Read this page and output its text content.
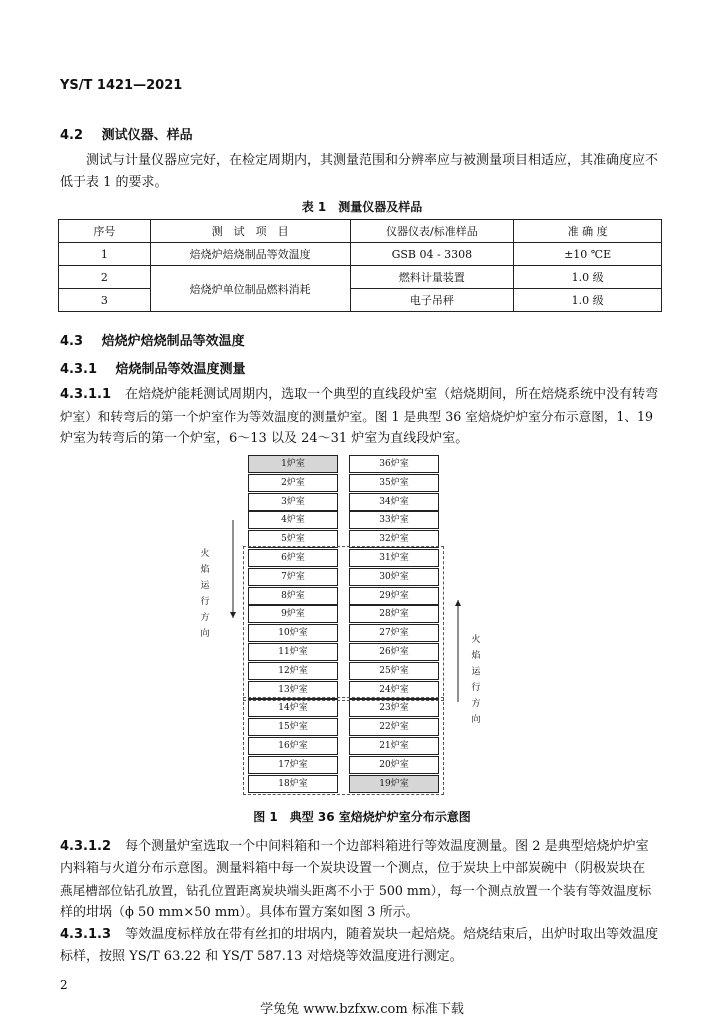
YS/T 1421—2021
4.2 测试仪器、样品
测试与计量仪器应完好，在检定周期内，其测量范围和分辨率应与被测量项目相适应，其准确度应不
低于表 1 的要求。
表 1　测量仪器及样品
序号	测　试　项　目	仪器仪表/标准样品	准 确 度
1	焙烧炉焙烧制品等效温度	GSB 04 - 3308	±10 ℃E
2	焙烧炉单位制品燃料消耗	燃料计量装置	1.0 级
3		电子吊秤	1.0 级
4.3 焙烧炉焙烧制品等效温度
4.3.1 焙烧制品等效温度测量
4.3.1.1 在焙烧炉能耗测试周期内，选取一个典型的直线段炉室（焙烧期间，所在焙烧系统中没有转弯
炉室）和转弯后的第一个炉室作为等效温度的测量炉室。图 1 是典型 36 室焙烧炉炉室分布示意图，1、19
炉室为转弯后的第一个炉室，6～13 以及 24～31 炉室为直线段炉室。
1炉室
2炉室
3炉室
4炉室
5炉室
6炉室
7炉室
8炉室
9炉室
10炉室
11炉室
12炉室
13炉室
14炉室
15炉室
16炉室
17炉室
18炉室
36炉室
35炉室
34炉室
33炉室
32炉室
31炉室
30炉室
29炉室
28炉室
27炉室
26炉室
25炉室
24炉室
23炉室
22炉室
21炉室
20炉室
19炉室
火焰
运行
方向
火焰
运行
方向
图 1　典型 36 室焙烧炉炉室分布示意图
4.3.1.2 每个测量炉室选取一个中间料箱和一个边部料箱进行等效温度测量。图 2 是典型焙烧炉炉室
内料箱与火道分布示意图。测量料箱中每一个炭块设置一个测点，位于炭块上中部炭碗中（阴极炭块在
燕尾槽部位钻孔放置，钻孔位置距离炭块端头距离不小于 500 mm），每一个测点放置一个装有等效温度标
样的坩埚（ϕ 50 mm×50 mm）。具体布置方案如图 3 所示。
4.3.1.3 等效温度标样放在带有丝扣的坩埚内，随着炭块一起焙烧。焙烧结束后，出炉时取出等效温度
标样，按照 YS/T 63.22 和 YS/T 587.13 对焙烧等效温度进行测定。
2
学兔兔 www.bzfxw.com 标准下载
